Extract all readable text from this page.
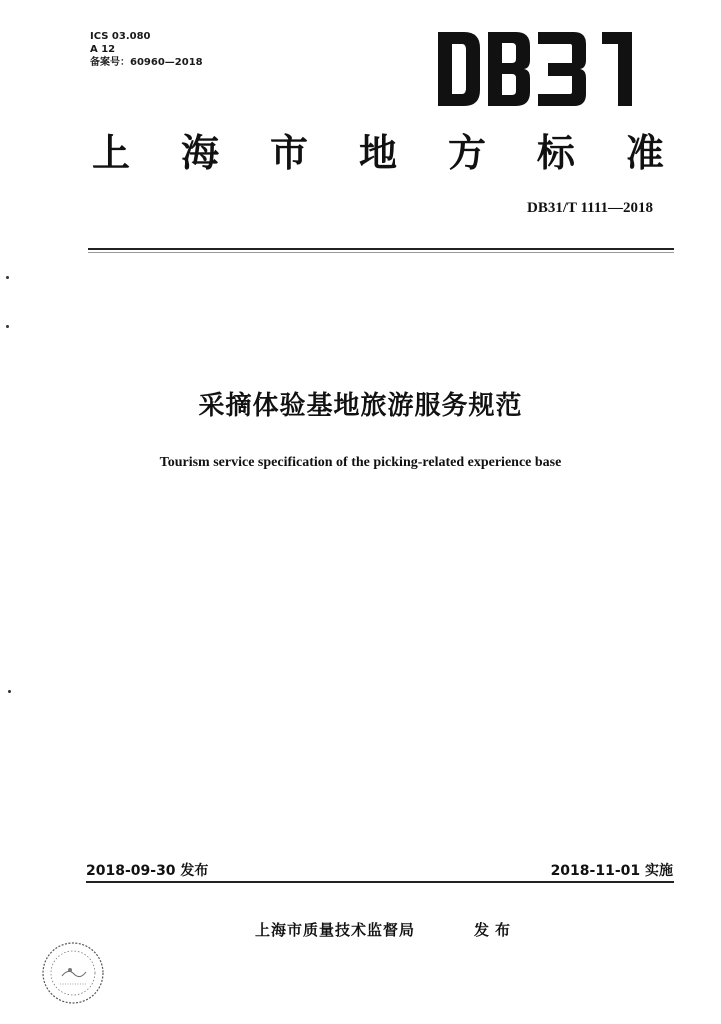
ICS 03.080
A 12
备案号：60960—2018
上 海 市 地 方 标 准
DB31/T 1111—2018
采摘体验基地旅游服务规范
Tourism service specification of the picking-related experience base
2018-09-30 发布	2018-11-01 实施
上海市质量技术监督局	发布
